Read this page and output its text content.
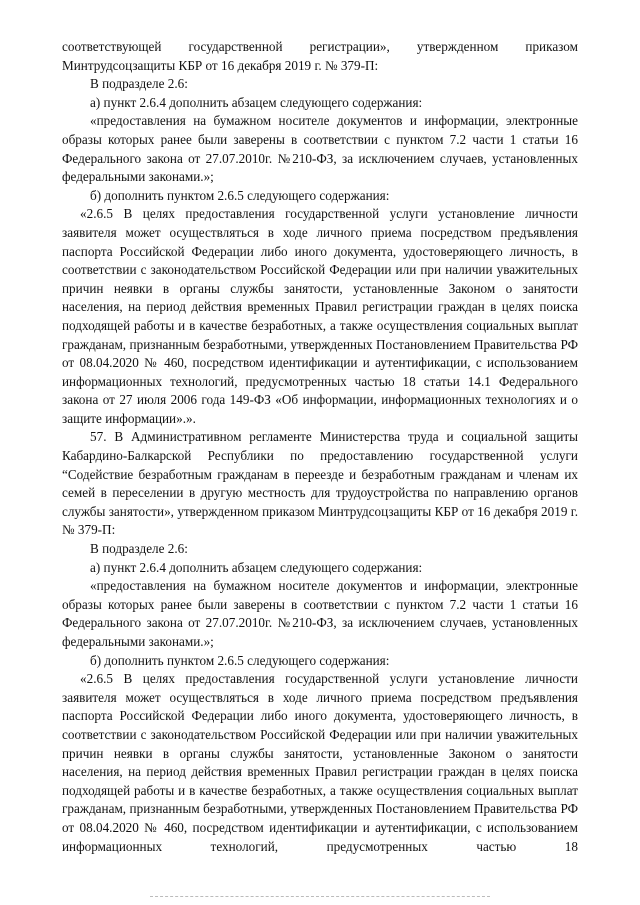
соответствующей государственной регистрации», утвержденном приказом Минтрудсоцзащиты КБР от 16 декабря 2019 г. № 379-П:

В подразделе 2.6:

а) пункт 2.6.4 дополнить абзацем следующего содержания:

«предоставления на бумажном носителе документов и информации, электронные образы которых ранее были заверены в соответствии с пунктом 7.2 части 1 статьи 16 Федерального закона от 27.07.2010г. №210-ФЗ, за исключением случаев, установленных федеральными законами.»;

б) дополнить пунктом 2.6.5 следующего содержания:

«2.6.5 В целях предоставления государственной услуги установление личности заявителя может осуществляться в ходе личного приема посредством предъявления паспорта Российской Федерации либо иного документа, удостоверяющего личность, в соответствии с законодательством Российской Федерации или при наличии уважительных причин неявки в органы службы занятости, установленные Законом о занятости населения, на период действия временных Правил регистрации граждан в целях поиска подходящей работы и в качестве безработных, а также осуществления социальных выплат гражданам, признанным безработными, утвержденных Постановлением Правительства РФ от 08.04.2020 № 460, посредством идентификации и аутентификации, с использованием информационных технологий, предусмотренных частью 18 статьи 14.1 Федерального закона от 27 июля 2006 года 149-ФЗ «Об информации, информационных технологиях и о защите информации».».

57. В Административном регламенте Министерства труда и социальной защиты Кабардино-Балкарской Республики по предоставлению государственной услуги “Содействие безработным гражданам в переезде и безработным гражданам и членам их семей в переселении в другую местность для трудоустройства по направлению органов службы занятости», утвержденном приказом Минтрудсоцзащиты КБР от 16 декабря 2019 г. № 379-П:

В подразделе 2.6:

а) пункт 2.6.4 дополнить абзацем следующего содержания:

«предоставления на бумажном носителе документов и информации, электронные образы которых ранее были заверены в соответствии с пунктом 7.2 части 1 статьи 16 Федерального закона от 27.07.2010г. №210-ФЗ, за исключением случаев, установленных федеральными законами.»;

б) дополнить пунктом 2.6.5 следующего содержания:

«2.6.5 В целях предоставления государственной услуги установление личности заявителя может осуществляться в ходе личного приема посредством предъявления паспорта Российской Федерации либо иного документа, удостоверяющего личность, в соответствии с законодательством Российской Федерации или при наличии уважительных причин неявки в органы службы занятости, установленные Законом о занятости населения, на период действия временных Правил регистрации граждан в целях поиска подходящей работы и в качестве безработных, а также осуществления социальных выплат гражданам, признанным безработными, утвержденных Постановлением Правительства РФ от 08.04.2020 № 460, посредством идентификации и аутентификации, с использованием информационных технологий, предусмотренных частью 18
